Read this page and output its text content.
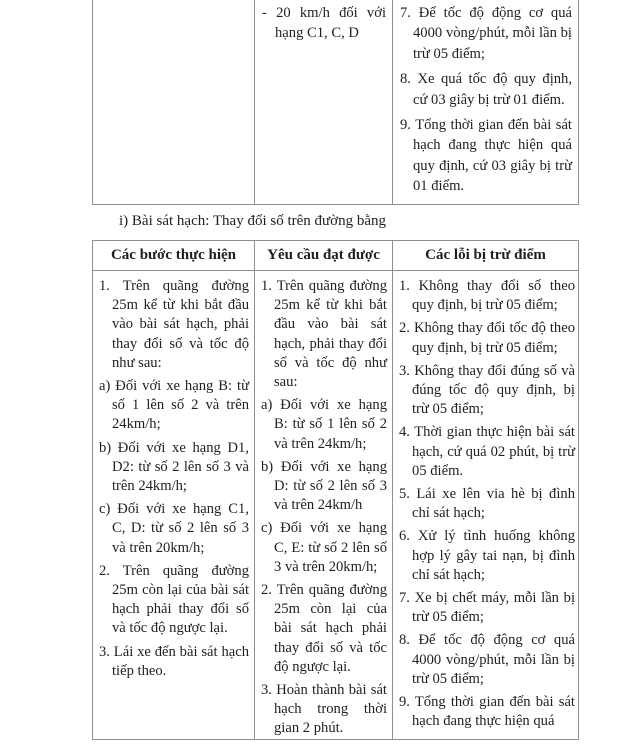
- 20 km/h đối với hạng C1, C, D

7. Để tốc độ động cơ quá 4000 vòng/phút, mỗi lần bị trừ 05 điểm;

8. Xe quá tốc độ quy định, cứ 03 giây bị trừ 01 điểm.

9. Tổng thời gian đến bài sát hạch đang thực hiện quá quy định, cứ 03 giây bị trừ 01 điểm.

i) Bài sát hạch: Thay đổi số trên đường bằng
Các bước thực hiện	Yêu cầu đạt được	Các lỗi bị trừ điểm

1. Trên quãng đường 25m kể từ khi bắt đầu vào bài sát hạch, phải thay đổi số và tốc độ như sau:

a) Đối với xe hạng B: từ số 1 lên số 2 và trên 24km/h;

b) Đối với xe hạng D1, D2: từ số 2 lên số 3 và trên 24km/h;

c) Đối với xe hạng C1, C, D: từ số 2 lên số 3 và trên 20km/h;

2. Trên quãng đường 25m còn lại của bài sát hạch phải thay đổi số và tốc độ ngược lại.

3. Lái xe đến bài sát hạch tiếp theo.

1. Trên quãng đường 25m kể từ khi bắt đầu vào bài sát hạch, phải thay đổi số và tốc độ như sau:

a) Đối với xe hạng B: từ số 1 lên số 2 và trên 24km/h;

b) Đối với xe hạng D: từ số 2 lên số 3 và trên 24km/h

c) Đối với xe hạng C, E: từ số 2 lên số 3 và trên 20km/h;

2. Trên quãng đường 25m còn lại của bài sát hạch phải thay đổi số và tốc độ ngược lại.

3. Hoàn thành bài sát hạch trong thời gian 2 phút.

1. Không thay đổi số theo quy định, bị trừ 05 điểm;

2. Không thay đổi tốc độ theo quy định, bị trừ 05 điểm;

3. Không thay đổi đúng số và đúng tốc độ quy định, bị trừ 05 điểm;

4. Thời gian thực hiện bài sát hạch, cứ quá 02 phút, bị trừ 05 điểm.

5. Lái xe lên via hè bị đình chỉ sát hạch;

6. Xử lý tình huống không hợp lý gây tai nạn, bị đình chỉ sát hạch;

7. Xe bị chết máy, mỗi lần bị trừ 05 điểm;

8. Để tốc độ động cơ quá 4000 vòng/phút, mỗi lần bị trừ 05 điểm;

9. Tổng thời gian đến bài sát hạch đang thực hiện quá
